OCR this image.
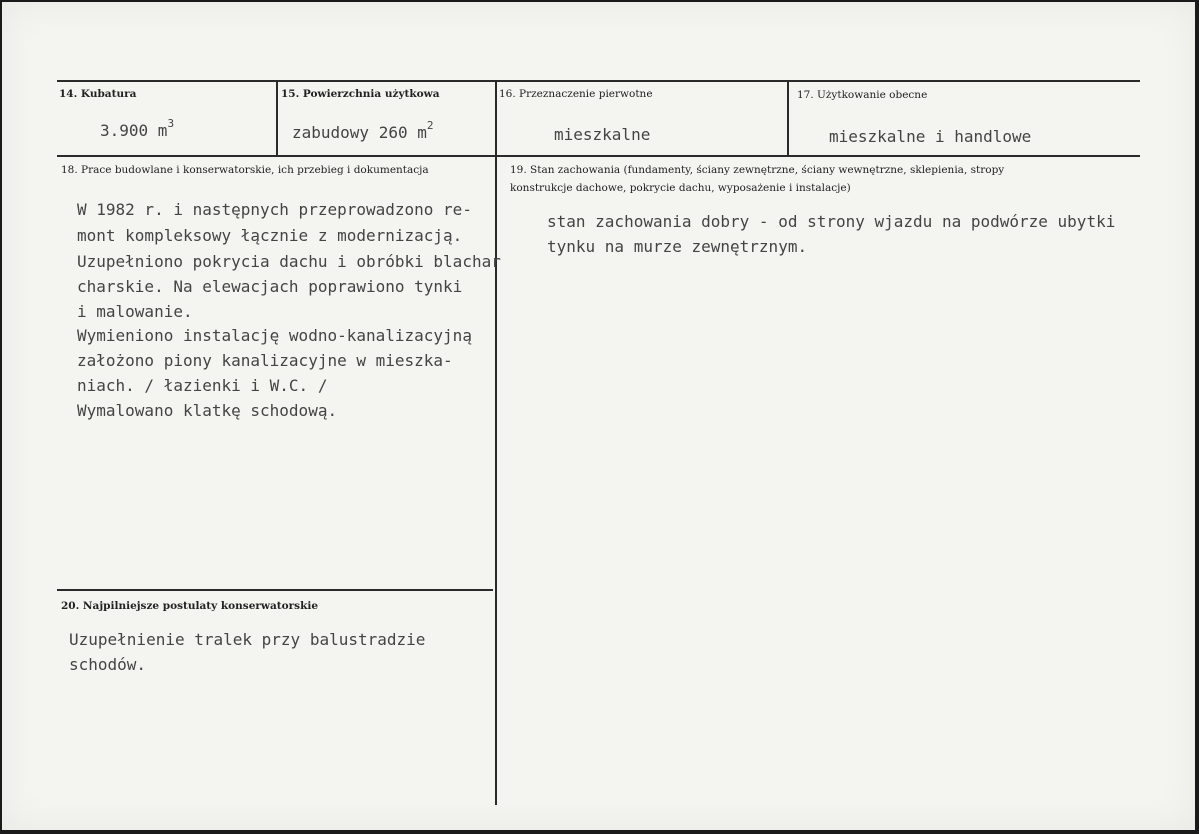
14. Kubatura
3.900 $m^3$
15. Powierzchnia użytkowa
zabudowy 260 $m^2$
16. Przeznaczenie pierwotne
mieszkalne
17. Użytkowanie obecne
mieszkalne i handlowe
18. Prace budowlane i konserwatorskie, ich przebieg i dokumentacja
W 1982 r. i następnych przeprowadzono re-
mont kompleksowy łącznie z modernizacją.
Uzupełniono pokrycia dachu i obróbki blachar
charskie. Na elewacjach poprawiono tynki
i malowanie.
Wymieniono instalację wodno-kanalizacyjną
założono piony kanalizacyjne w mieszka-
niach. / łazienki i W.C. /
Wymalowano klatkę schodową.
19. Stan zachowania (fundamenty, ściany zewnętrzne, ściany wewnętrzne, sklepienia, stropy
konstrukcje dachowe, pokrycie dachu, wyposażenie i instalacje)
stan zachowania dobry - od strony wjazdu na podwórze ubytki
tynku na murze zewnętrznym.
20. Najpilniejsze postulaty konserwatorskie
Uzupełnienie tralek przy balustradzie
schodów.
